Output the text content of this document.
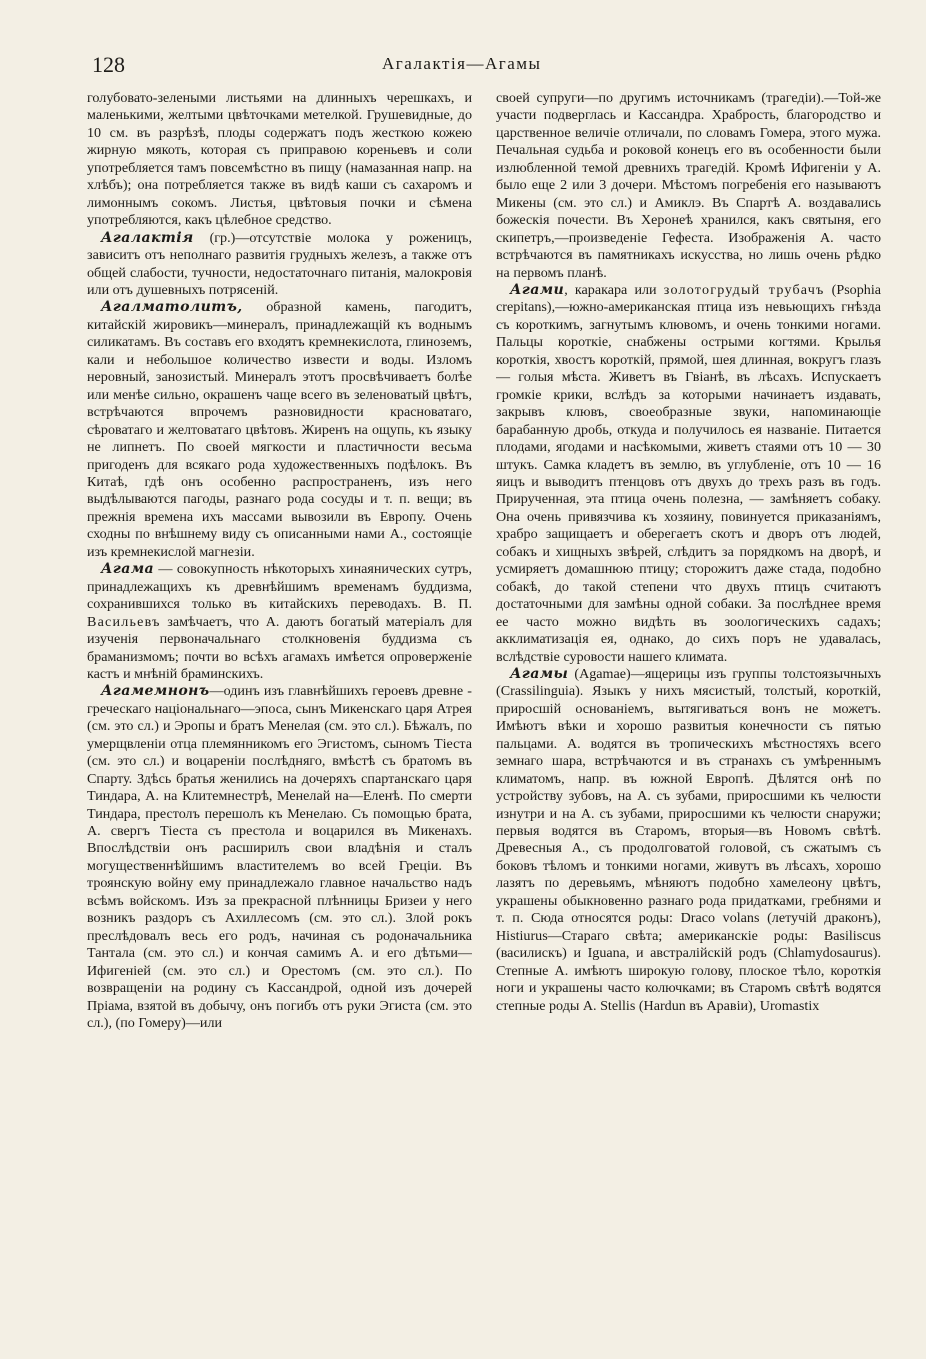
128	Агалактія—Агамы

голубовато-зелеными листьями на длинныхъ черешкахъ, и маленькими, желтыми цвѣточками метелкой. Грушевидные, до 10 см. въ разрѣзѣ, плоды содержатъ подъ жесткою кожею жирную мякоть, которая съ приправою кореньевъ и соли употребляется тамъ повсемѣстно въ пищу (намазанная напр. на хлѣбъ); она потребляется также въ видѣ каши съ сахаромъ и лимоннымъ сокомъ. Листья, цвѣтовыя почки и сѣмена употребляются, какъ цѣлебное средство.

Агалактія (гр.)—отсутствіе молока у роженицъ, зависитъ отъ неполнаго развитія грудныхъ железъ, а также отъ общей слабости, тучности, недостаточнаго питанія, малокровія или отъ душевныхъ потрясеній.

Агалматолитъ, образной камень, пагодитъ, китайскій жировикъ—минералъ, принадлежащій къ воднымъ силикатамъ. Въ составъ его входятъ кремнекислота, глиноземъ, кали и небольшое количество извести и воды. Изломъ неровный, занозистый. Минералъ этотъ просвѣчиваетъ болѣе или менѣе сильно, окрашенъ чаще всего въ зеленоватый цвѣтъ, встрѣчаются впрочемъ разновидности красноватаго, сѣроватаго и желтоватаго цвѣтовъ. Жиренъ на ощупь, къ языку не липнетъ. По своей мягкости и пластичности весьма пригоденъ для всякаго рода художественныхъ подѣлокъ. Въ Китаѣ, гдѣ онъ особенно распространенъ, изъ него выдѣлываются пагоды, разнаго рода сосуды и т. п. вещи; въ прежнія времена ихъ массами вывозили въ Европу. Очень сходны по внѣшнему виду съ описанными нами А., состоящіе изъ кремнекислой магнезіи.

Агама — совокупность нѣкоторыхъ хинаянических сутръ, принадлежащихъ къ древнѣйшимъ временамъ буддизма, сохранившихся только въ китайскихъ переводахъ. В. П. Васильевъ замѣчаетъ, что А. даютъ богатый матеріалъ для изученія первоначальнаго столкновенія буддизма съ браманизмомъ; почти во всѣхъ агамахъ имѣется опроверженіе кастъ и мнѣній браминскихъ.

Агамемнонъ—одинъ изъ главнѣйшихъ героевъ древне - греческаго національнаго—эпоса, сынъ Микенскаго царя Атрея (см. это сл.) и Эропы и братъ Менелая (см. это сл.). Бѣжалъ, по умерщвленіи отца племянникомъ его Эгистомъ, сыномъ Тіеста (см. это сл.) и воцареніи послѣдняго, вмѣстѣ съ братомъ въ Спарту. Здѣсь братья женились на дочеряхъ спартанскаго царя Тиндара, А. на Клитемнестрѣ, Менелай на—Еленѣ. По смерти Тиндара, престолъ перешолъ къ Менелаю. Съ помощью брата, А. свергъ Тіеста съ престола и воцарился въ Микенахъ. Впослѣдствіи онъ расширилъ свои владѣнія и сталъ могущественнѣйшимъ властителемъ во всей Греціи. Въ троянскую войну ему принадлежало главное начальство надъ всѣмъ войскомъ. Изъ за прекрасной плѣнницы Бризеи у него возникъ раздоръ съ Ахиллесомъ (см. это сл.). Злой рокъ преслѣдовалъ весь его родъ, начиная съ родоначальника Тантала (см. это сл.) и кончая самимъ А. и его дѣтьми—Ифигеніей (см. это сл.) и Орестомъ (см. это сл.). По возвращеніи на родину съ Кассандрой, одной изъ дочерей Пріама, взятой въ добычу, онъ погибъ отъ руки Эгиста (см. это сл.), (по Гомеру)—или

своей супруги—по другимъ источникамъ (трагедіи).—Той-же участи подверглась и Кассандра. Храбрость, благородство и царственное величіе отличали, по словамъ Гомера, этого мужа. Печальная судьба и роковой конецъ его въ особенности были излюбленной темой древнихъ трагедій. Кромѣ Ифигеніи у А. было еще 2 или 3 дочери. Мѣстомъ погребенія его называютъ Микены (см. это сл.) и Амиклэ. Въ Спартѣ А. воздавались божескія почести. Въ Херонеѣ хранился, какъ святыня, его скипетръ,—произведеніе Гефеста. Изображенія А. часто встрѣчаются въ памятникахъ искусства, но лишь очень рѣдко на первомъ планѣ.

Агами, каракара или золотогрудый трубачъ (Psophia crepitans),—южно-американская птица изъ невьющихъ гнѣзда съ короткимъ, загнутымъ клювомъ, и очень тонкими ногами. Пальцы короткіе, снабжены острыми когтями. Крылья короткія, хвостъ короткій, прямой, шея длинная, вокругъ глазъ — голыя мѣста. Живетъ въ Гвіанѣ, въ лѣсахъ. Испускаетъ громкіе крики, вслѣдъ за которыми начинаетъ издавать, закрывъ клювъ, своеобразные звуки, напоминающіе барабанную дробь, откуда и получилось ея названіе. Питается плодами, ягодами и насѣкомыми, живетъ стаями отъ 10 — 30 штукъ. Самка кладетъ въ землю, въ углубленіе, отъ 10 — 16 яицъ и выводитъ птенцовъ отъ двухъ до трехъ разъ въ годъ. Прирученная, эта птица очень полезна, — замѣняетъ собаку. Она очень привязчива къ хозяину, повинуется приказаніямъ, храбро защищаетъ и оберегаетъ скотъ и дворъ отъ людей, собакъ и хищныхъ звѣрей, слѣдитъ за порядкомъ на дворѣ, и усмиряетъ домашнюю птицу; сторожитъ даже стада, подобно собакѣ, до такой степени что двухъ птицъ считаютъ достаточными для замѣны одной собаки. За послѣднее время ее часто можно видѣть въ зоологическихъ садахъ; акклиматизація ея, однако, до сихъ поръ не удавалась, вслѣдствіе суровости нашего климата.

Агамы (Agamae)—ящерицы изъ группы толстоязычныхъ (Crassilinguia). Языкъ у нихъ мясистый, толстый, короткій, приросшій основаніемъ, вытягиваться вонъ не можетъ. Имѣютъ вѣки и хорошо развитыя конечности съ пятью пальцами. А. водятся въ тропическихъ мѣстностяхъ всего земнаго шара, встрѣчаются и въ странахъ съ умѣреннымъ климатомъ, напр. въ южной Европѣ. Дѣлятся онѣ по устройству зубовъ, на А. съ зубами, приросшими къ челюсти изнутри и на А. съ зубами, приросшими къ челюсти снаружи; первыя водятся въ Старомъ, вторыя—въ Новомъ свѣтѣ. Древесныя А., съ продолговатой головой, съ сжатымъ съ боковъ тѣломъ и тонкими ногами, живутъ въ лѣсахъ, хорошо лазятъ по деревьямъ, мѣняютъ подобно хамелеону цвѣтъ, украшены обыкновенно разнаго рода придатками, гребнями и т. п. Сюда относятся роды: Draco volans (летучій драконъ), Histiurus—Стараго свѣта; американскіе роды: Basiliscus (василискъ) и Iguana, и австралійскій родъ (Chlamydosaurus). Степные А. имѣютъ широкую голову, плоское тѣло, короткія ноги и украшены часто колючками; въ Старомъ свѣтѣ водятся степные роды А. Stellis (Hardun въ Аравіи), Uromastix
